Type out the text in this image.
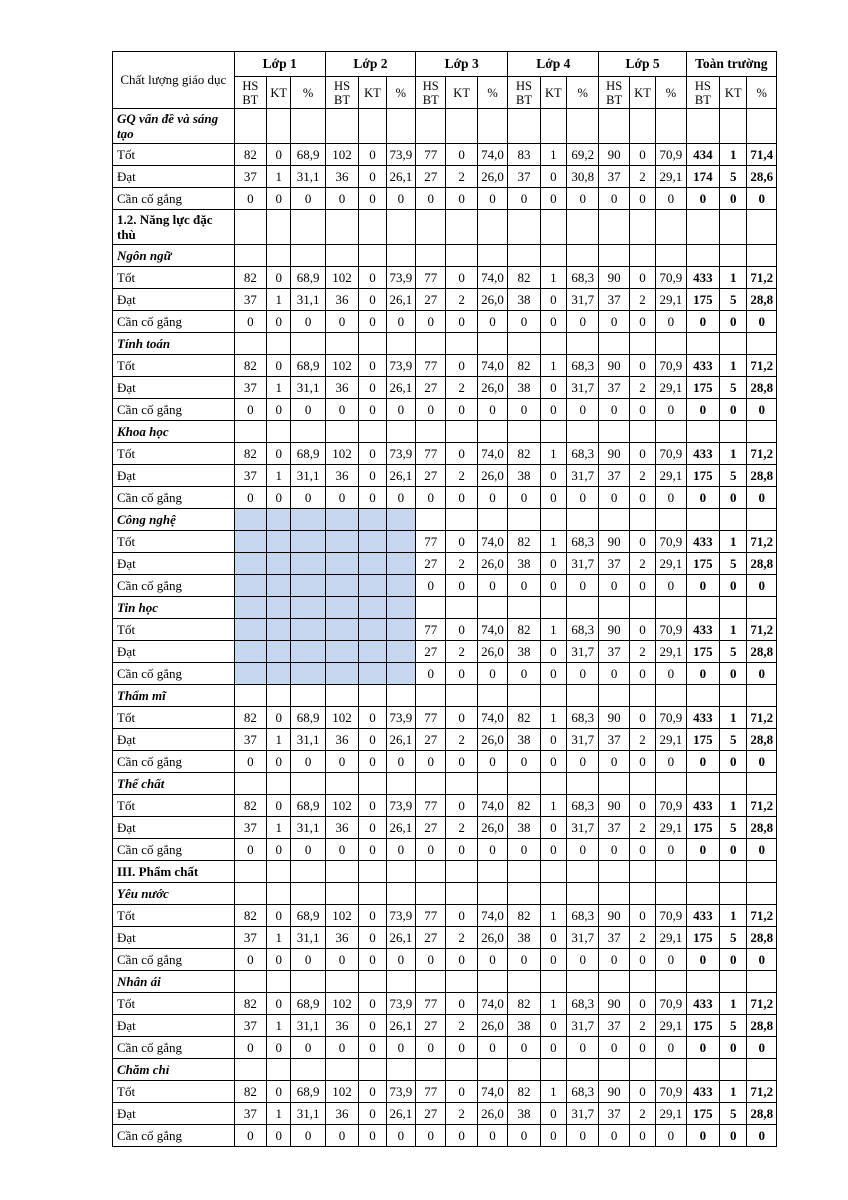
Chất lượng giáo dục	Lớp 1			Lớp 2			Lớp 3			Lớp 4			Lớp 5			Toàn trường		
	HS BT	KT	%	HS BT	KT	%	HS BT	KT	%	HS BT	KT	%	HS BT	KT	%	HS BT	KT	%
GQ vấn đề và sáng tạo																		
Tốt	82	0	68,9	102	0	73,9	77	0	74,0	83	1	69,2	90	0	70,9	434	1	71,4
Đạt	37	1	31,1	36	0	26,1	27	2	26,0	37	0	30,8	37	2	29,1	174	5	28,6
Cần cố gắng	0	0	0	0	0	0	0	0	0	0	0	0	0	0	0	0	0	0
1.2. Năng lực đặc thù																		
Ngôn ngữ																		
Tốt	82	0	68,9	102	0	73,9	77	0	74,0	82	1	68,3	90	0	70,9	433	1	71,2
Đạt	37	1	31,1	36	0	26,1	27	2	26,0	38	0	31,7	37	2	29,1	175	5	28,8
Cần cố gắng	0	0	0	0	0	0	0	0	0	0	0	0	0	0	0	0	0	0
Tính toán																		
Tốt	82	0	68,9	102	0	73,9	77	0	74,0	82	1	68,3	90	0	70,9	433	1	71,2
Đạt	37	1	31,1	36	0	26,1	27	2	26,0	38	0	31,7	37	2	29,1	175	5	28,8
Cần cố gắng	0	0	0	0	0	0	0	0	0	0	0	0	0	0	0	0	0	0
Khoa học																		
Tốt	82	0	68,9	102	0	73,9	77	0	74,0	82	1	68,3	90	0	70,9	433	1	71,2
Đạt	37	1	31,1	36	0	26,1	27	2	26,0	38	0	31,7	37	2	29,1	175	5	28,8
Cần cố gắng	0	0	0	0	0	0	0	0	0	0	0	0	0	0	0	0	0	0
Công nghệ																		
Tốt							77	0	74,0	82	1	68,3	90	0	70,9	433	1	71,2
Đạt							27	2	26,0	38	0	31,7	37	2	29,1	175	5	28,8
Cần cố gắng							0	0	0	0	0	0	0	0	0	0	0	0
Tin học																		
Tốt							77	0	74,0	82	1	68,3	90	0	70,9	433	1	71,2
Đạt							27	2	26,0	38	0	31,7	37	2	29,1	175	5	28,8
Cần cố gắng							0	0	0	0	0	0	0	0	0	0	0	0
Thẩm mĩ																		
Tốt	82	0	68,9	102	0	73,9	77	0	74,0	82	1	68,3	90	0	70,9	433	1	71,2
Đạt	37	1	31,1	36	0	26,1	27	2	26,0	38	0	31,7	37	2	29,1	175	5	28,8
Cần cố gắng	0	0	0	0	0	0	0	0	0	0	0	0	0	0	0	0	0	0
Thể chất																		
Tốt	82	0	68,9	102	0	73,9	77	0	74,0	82	1	68,3	90	0	70,9	433	1	71,2
Đạt	37	1	31,1	36	0	26,1	27	2	26,0	38	0	31,7	37	2	29,1	175	5	28,8
Cần cố gắng	0	0	0	0	0	0	0	0	0	0	0	0	0	0	0	0	0	0
III. Phẩm chất																		
Yêu nước																		
Tốt	82	0	68,9	102	0	73,9	77	0	74,0	82	1	68,3	90	0	70,9	433	1	71,2
Đạt	37	1	31,1	36	0	26,1	27	2	26,0	38	0	31,7	37	2	29,1	175	5	28,8
Cần cố gắng	0	0	0	0	0	0	0	0	0	0	0	0	0	0	0	0	0	0
Nhân ái																		
Tốt	82	0	68,9	102	0	73,9	77	0	74,0	82	1	68,3	90	0	70,9	433	1	71,2
Đạt	37	1	31,1	36	0	26,1	27	2	26,0	38	0	31,7	37	2	29,1	175	5	28,8
Cần cố gắng	0	0	0	0	0	0	0	0	0	0	0	0	0	0	0	0	0	0
Chăm chỉ																		
Tốt	82	0	68,9	102	0	73,9	77	0	74,0	82	1	68,3	90	0	70,9	433	1	71,2
Đạt	37	1	31,1	36	0	26,1	27	2	26,0	38	0	31,7	37	2	29,1	175	5	28,8
Cần cố gắng	0	0	0	0	0	0	0	0	0	0	0	0	0	0	0	0	0	0
